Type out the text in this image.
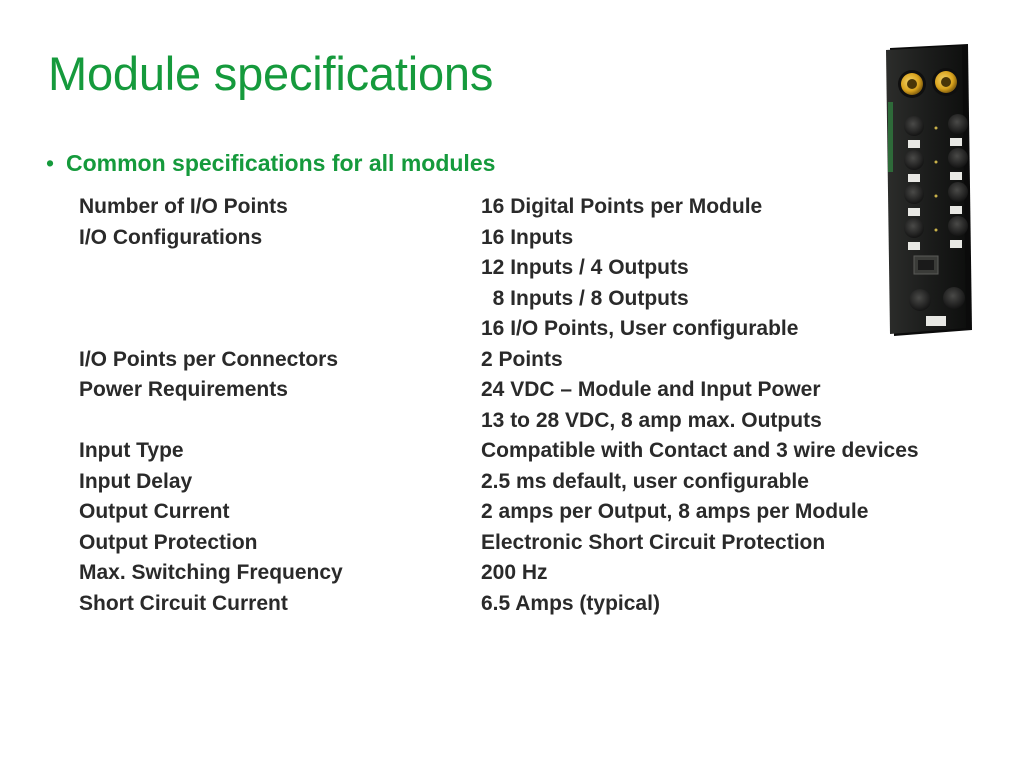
Module specifications
• Common specifications for all modules
Number of I/O Points	16 Digital Points per Module
I/O Configurations	16 Inputs
12 Inputs / 4 Outputs
8 Inputs / 8 Outputs
16 I/O Points, User configurable
I/O Points per Connectors	2 Points
Power Requirements	24 VDC – Module and Input Power
13 to 28 VDC, 8 amp max. Outputs
Input Type	Compatible with Contact and 3 wire devices
Input Delay	2.5 ms default, user configurable
Output Current	2 amps per Output, 8 amps per Module
Output Protection	Electronic Short Circuit Protection
Max. Switching Frequency	200 Hz
Short Circuit Current	6.5 Amps (typical)
